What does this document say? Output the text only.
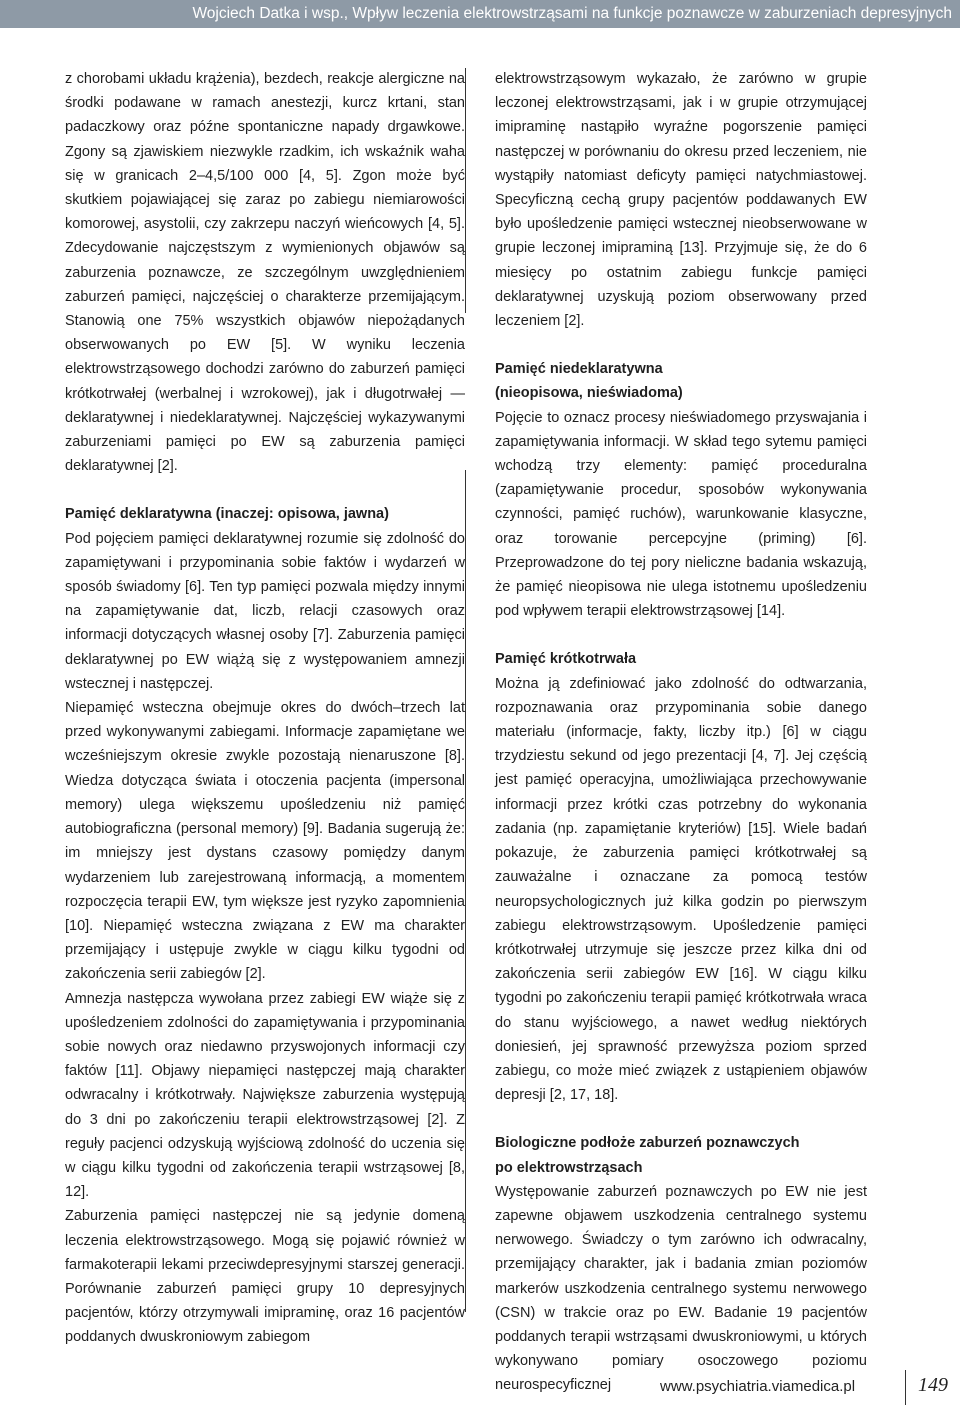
Wojciech Datka i wsp., Wpływ leczenia elektrowstrząsami na funkcje poznawcze w zaburzeniach depresyjnych

z chorobami układu krążenia), bezdech, reakcje alergiczne na środki podawane w ramach anestezji, kurcz krtani, stan padaczkowy oraz późne spontaniczne napady drgawkowe. Zgony są zjawiskiem niezwykle rzadkim, ich wskaźnik waha się w granicach 2–4,5/100 000 [4, 5]. Zgon może być skutkiem pojawiającej się zaraz po zabiegu niemiarowości komorowej, asystolii, czy zakrzepu naczyń wieńcowych [4, 5]. Zdecydowanie najczęstszym z wymienionych objawów są zaburzenia poznawcze, ze szczególnym uwzględnieniem zaburzeń pamięci, najczęściej o charakterze przemijającym. Stanowią one 75% wszystkich objawów niepożądanych obserwowanych po EW [5]. W wyniku leczenia elektrowstrząsowego dochodzi zarówno do zaburzeń pamięci krótkotrwałej (werbalnej i wzrokowej), jak i długotrwałej — deklaratywnej i niedeklaratywnej. Najczęściej wykazywanymi zaburzeniami pamięci po EW są zaburzenia pamięci deklaratywnej [2].

Pamięć deklaratywna (inaczej: opisowa, jawna)

Pod pojęciem pamięci deklaratywnej rozumie się zdolność do zapamiętywani i przypominania sobie faktów i wydarzeń w sposób świadomy [6]. Ten typ pamięci pozwala między innymi na zapamiętywanie dat, liczb, relacji czasowych oraz informacji dotyczących własnej osoby [7]. Zaburzenia pamięci deklaratywnej po EW wiążą się z występowaniem amnezji wstecznej i następczej.

Niepamięć wsteczna obejmuje okres do dwóch–trzech lat przed wykonywanymi zabiegami. Informacje zapamiętane we wcześniejszym okresie zwykle pozostają nienaruszone [8]. Wiedza dotycząca świata i otoczenia pacjenta (impersonal memory) ulega większemu upośledzeniu niż pamięć autobiograficzna (personal memory) [9]. Badania sugerują że: im mniejszy jest dystans czasowy pomiędzy danym wydarzeniem lub zarejestrowaną informacją, a momentem rozpoczęcia terapii EW, tym większe jest ryzyko zapomnienia [10]. Niepamięć wsteczna związana z EW ma charakter przemijający i ustępuje zwykle w ciągu kilku tygodni od zakończenia serii zabiegów [2].

Amnezja następcza wywołana przez zabiegi EW wiąże się z upośledzeniem zdolności do zapamiętywania i przypominania sobie nowych oraz niedawno przyswojonych informacji czy faktów [11]. Objawy niepamięci następczej mają charakter odwracalny i krótkotrwały. Największe zaburzenia występują do 3 dni po zakończeniu terapii elektrowstrząsowej [2]. Z reguły pacjenci odzyskują wyjściową zdolność do uczenia się w ciągu kilku tygodni od zakończenia terapii wstrząsowej [8, 12].

Zaburzenia pamięci następczej nie są jedynie domeną leczenia elektrowstrząsowego. Mogą się pojawić również w farmakoterapii lekami przeciwdepresyjnymi starszej generacji. Porównanie zaburzeń pamięci grupy 10 depresyjnych pacjentów, którzy otrzymywali imipraminę, oraz 16 pacjentów poddanych dwuskroniowym zabiegom

elektrowstrząsowym wykazało, że zarówno w grupie leczonej elektrowstrząsami, jak i w grupie otrzymującej imipraminę nastąpiło wyraźne pogorszenie pamięci następczej w porównaniu do okresu przed leczeniem, nie wystąpiły natomiast deficyty pamięci natychmiastowej. Specyficzną cechą grupy pacjentów poddawanych EW było upośledzenie pamięci wstecznej nieobserwowane w grupie leczonej imipraminą [13]. Przyjmuje się, że do 6 miesięcy po ostatnim zabiegu funkcje pamięci deklaratywnej uzyskują poziom obserwowany przed leczeniem [2].

Pamięć niedeklaratywna
(nieopisowa, nieświadoma)

Pojęcie to oznacz procesy nieświadomego przyswajania i zapamiętywania informacji. W skład tego sytemu pamięci wchodzą trzy elementy: pamięć proceduralna (zapamiętywanie procedur, sposobów wykonywania czynności, pamięć ruchów), warunkowanie klasyczne, oraz torowanie percepcyjne (priming) [6]. Przeprowadzone do tej pory nieliczne badania wskazują, że pamięć nieopisowa nie ulega istotnemu upośledzeniu pod wpływem terapii elektrowstrząsowej [14].

Pamięć krótkotrwała

Można ją zdefiniować jako zdolność do odtwarzania, rozpoznawania oraz przypominania sobie danego materiału (informacje, fakty, liczby itp.) [6] w ciągu trzydziestu sekund od jego prezentacji [4, 7]. Jej częścią jest pamięć operacyjna, umożliwiająca przechowywanie informacji przez krótki czas potrzebny do wykonania zadania (np. zapamiętanie kryteriów) [15]. Wiele badań pokazuje, że zaburzenia pamięci krótkotrwałej są zauważalne i oznaczane za pomocą testów neuropsychologicznych już kilka godzin po pierwszym zabiegu elektrowstrząsowym. Upośledzenie pamięci krótkotrwałej utrzymuje się jeszcze przez kilka dni od zakończenia serii zabiegów EW [16]. W ciągu kilku tygodni po zakończeniu terapii pamięć krótkotrwała wraca do stanu wyjściowego, a nawet według niektórych doniesień, jej sprawność przewyższa poziom sprzed zabiegu, co może mieć związek z ustąpieniem objawów depresji [2, 17, 18].

Biologiczne podłoże zaburzeń poznawczych
po elektrowstrząsach

Występowanie zaburzeń poznawczych po EW nie jest zapewne objawem uszkodzenia centralnego systemu nerwowego. Świadczy o tym zarówno ich odwracalny, przemijający charakter, jak i badania zmian poziomów markerów uszkodzenia centralnego systemu nerwowego (CSN) w trakcie oraz po EW. Badanie 19 pacjentów poddanych terapii wstrząsami dwuskroniowymi, u których wykonywano pomiary osoczowego poziomu neurospecyficznej	www.psychiatria.viamedica.pl	149
